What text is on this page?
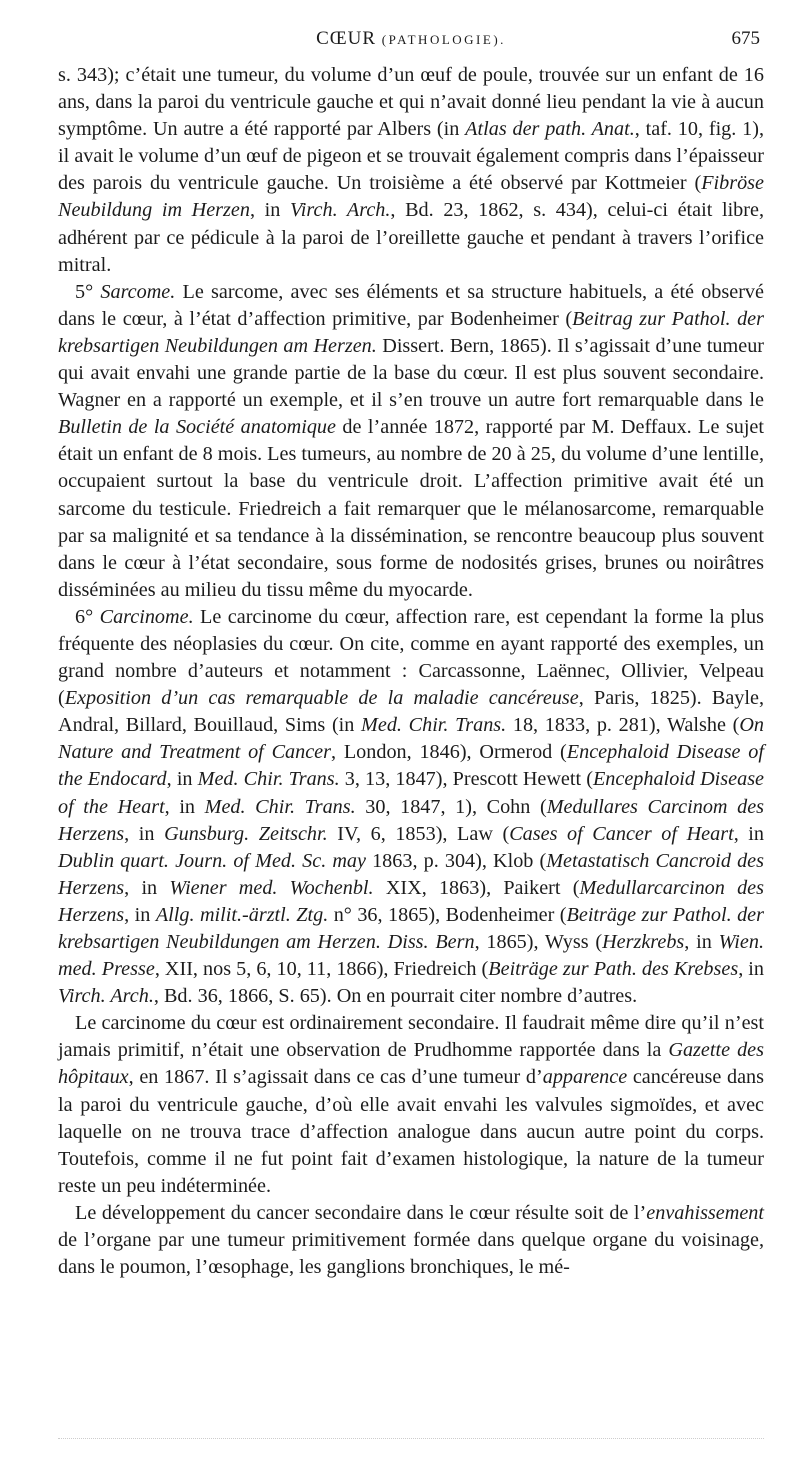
CŒUR (PATHOLOGIE).	675

s. 343); c’était une tumeur, du volume d’un œuf de poule, trouvée sur un enfant de 16 ans, dans la paroi du ventricule gauche et qui n’avait donné lieu pendant la vie à aucun symptôme. Un autre a été rapporté par Albers (in Atlas der path. Anat., taf. 10, fig. 1), il avait le volume d’un œuf de pigeon et se trouvait également compris dans l’épaisseur des parois du ventricule gauche. Un troisième a été observé par Kottmeier (Fibröse Neubildung im Herzen, in Virch. Arch., Bd. 23, 1862, s. 434), celui-ci était libre, adhérent par ce pédicule à la paroi de l’oreillette gauche et pendant à travers l’orifice mitral.

5° Sarcome. Le sarcome, avec ses éléments et sa structure habituels, a été observé dans le cœur, à l’état d’affection primitive, par Bodenheimer (Beitrag zur Pathol. der krebsartigen Neubildungen am Herzen. Dissert. Bern, 1865). Il s’agissait d’une tumeur qui avait envahi une grande partie de la base du cœur. Il est plus souvent secondaire. Wagner en a rapporté un exemple, et il s’en trouve un autre fort remarquable dans le Bulletin de la Société anatomique de l’année 1872, rapporté par M. Deffaux. Le sujet était un enfant de 8 mois. Les tumeurs, au nombre de 20 à 25, du volume d’une lentille, occupaient surtout la base du ventricule droit. L’affection primitive avait été un sarcome du testicule. Friedreich a fait remarquer que le mélanosarcome, remarquable par sa malignité et sa tendance à la dissémination, se rencontre beaucoup plus souvent dans le cœur à l’état secondaire, sous forme de nodosités grises, brunes ou noirâtres disséminées au milieu du tissu même du myocarde.

6° Carcinome. Le carcinome du cœur, affection rare, est cependant la forme la plus fréquente des néoplasies du cœur. On cite, comme en ayant rapporté des exemples, un grand nombre d’auteurs et notamment : Carcassonne, Laënnec, Ollivier, Velpeau (Exposition d’un cas remarquable de la maladie cancéreuse, Paris, 1825). Bayle, Andral, Billard, Bouillaud, Sims (in Med. Chir. Trans. 18, 1833, p. 281), Walshe (On Nature and Treatment of Cancer, London, 1846), Ormerod (Encephaloid Disease of the Endocard, in Med. Chir. Trans. 3, 13, 1847), Prescott Hewett (Encephaloid Disease of the Heart, in Med. Chir. Trans. 30, 1847, 1), Cohn (Medullares Carcinom des Herzens, in Gunsburg. Zeitschr. IV, 6, 1853), Law (Cases of Cancer of Heart, in Dublin quart. Journ. of Med. Sc. may 1863, p. 304), Klob (Metastatisch Cancroid des Herzens, in Wiener med. Wochenbl. XIX, 1863), Paikert (Medullarcarcinon des Herzens, in Allg. milit.-ärztl. Ztg. n° 36, 1865), Bodenheimer (Beiträge zur Pathol. der krebsartigen Neubildungen am Herzen. Diss. Bern, 1865), Wyss (Herzkrebs, in Wien. med. Presse, XII, nos 5, 6, 10, 11, 1866), Friedreich (Beiträge zur Path. des Krebses, in Virch. Arch., Bd. 36, 1866, S. 65). On en pourrait citer nombre d’autres.

Le carcinome du cœur est ordinairement secondaire. Il faudrait même dire qu’il n’est jamais primitif, n’était une observation de Prudhomme rapportée dans la Gazette des hôpitaux, en 1867. Il s’agissait dans ce cas d’une tumeur d’apparence cancéreuse dans la paroi du ventricule gauche, d’où elle avait envahi les valvules sigmoïdes, et avec laquelle on ne trouva trace d’affection analogue dans aucun autre point du corps. Toutefois, comme il ne fut point fait d’examen histologique, la nature de la tumeur reste un peu indéterminée.

Le développement du cancer secondaire dans le cœur résulte soit de l’envahissement de l’organe par une tumeur primitivement formée dans quelque organe du voisinage, dans le poumon, l’œsophage, les ganglions bronchiques, le mé-
